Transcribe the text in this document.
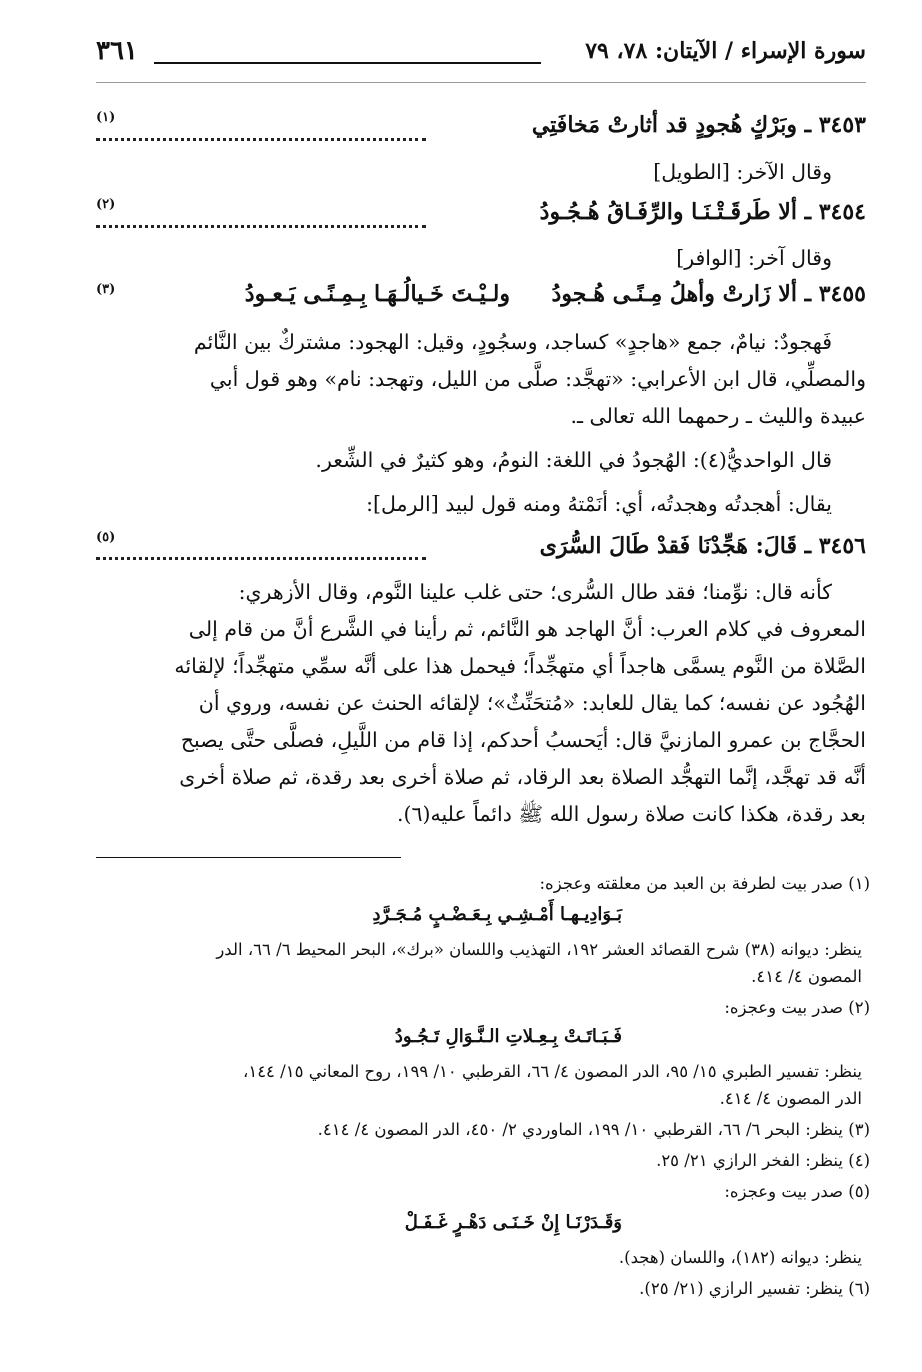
سورة الإسراء / الآيتان: ٧٨، ٧٩
٣٦١
٣٤٥٣ ـ وبَرْكٍ هُجودٍ قد أثارتْ مَخافَتِي
(١)
وقال الآخر: [الطويل]
٣٤٥٤ ـ ألا طَرقَـتْـنَـا والرِّفَـاقُ هُـجُـودُ
(٢)
وقال آخر: [الوافر]
٣٤٥٥ ـ ألا زَارتْ وأهلُ مِـنًـى هُـجودُ
ولـيْـتَ خَـيالُـهَـا بِـمِـنًـى يَـعـودُ
(٣)
فَهجودٌ: نيامٌ، جمع «هاجدٍ» كساجد، وسجُودٍ، وقيل: الهجود: مشتركٌ بين النَّائم
والمصلِّي، قال ابن الأعرابي: «تهجَّد: صلَّى من الليل، وتهجد: نام» وهو قول أبي
عبيدة والليث ـ رحمهما الله تعالى ـ.
قال الواحديُّ(٤): الهُجودُ في اللغة: النومُ، وهو كثيرٌ في الشِّعر.
يقال: أهجدتُه وهجدتُه، أي: أنَمْتهُ ومنه قول لبيد [الرمل]:
٣٤٥٦ ـ قَالَ: هَجِّدْنَا فَقدْ طَالَ السُّرَى
(٥)
كأنه قال: نوِّمنا؛ فقد طال السُّرى؛ حتى غلب علينا النَّوم، وقال الأزهري:
المعروف في كلام العرب: أنَّ الهاجد هو النَّائم، ثم رأينا في الشَّرع أنَّ من قام إلى
الصَّلاة من النَّوم يسمَّى هاجداً أي متهجِّداً؛ فيحمل هذا على أنَّه سمِّي متهجِّداً؛ لإلقائه
الهُجُود عن نفسه؛ كما يقال للعابد: «مُتحَنِّثٌ»؛ لإلقائه الحنث عن نفسه، وروي أن
الحجَّاج بن عمرو المازنيَّ قال: أيَحسبُ أحدكم، إذا قام من اللَّيلِ، فصلَّى حتَّى يصبح
أنَّه قد تهجَّد، إنَّما التهجُّد الصلاة بعد الرقاد، ثم صلاة أخرى بعد رقدة، ثم صلاة أخرى
بعد رقدة، هكذا كانت صلاة رسول الله ﷺ دائماً عليه(٦).
(١) صدر بيت لطرفة بن العبد من معلقته وعجزه:
بَـوَادِيـهـا أَمْـشِـي بِـعَـضْـبٍ مُـجَـرَّدِ
ينظر: ديوانه (٣٨) شرح القصائد العشر ١٩٢، التهذيب واللسان «برك»، البحر المحيط ٦/ ٦٦، الدر
المصون ٤/ ٤١٤.
(٢) صدر بيت وعجزه:
فَـبَـاتَـتْ بِـعِـلاتِ الـنَّـوَالِ تَـجُـودُ
ينظر: تفسير الطبري ١٥/ ٩٥، الدر المصون ٤/ ٦٦، القرطبي ١٠/ ١٩٩، روح المعاني ١٥/ ١٤٤،
الدر المصون ٤/ ٤١٤.
(٣) ينظر: البحر ٦/ ٦٦، القرطبي ١٠/ ١٩٩، الماوردي ٢/ ٤٥٠، الدر المصون ٤/ ٤١٤.
(٤) ينظر: الفخر الرازي ٢١/ ٢٥.
(٥) صدر بيت وعجزه:
وَقَـدَرْنَـا إِنْ خَـنَـى دَهْـرٍ غَـفَـلْ
ينظر: ديوانه (١٨٢)، واللسان (هجد).
(٦) ينظر: تفسير الرازي (٢١/ ٢٥).
